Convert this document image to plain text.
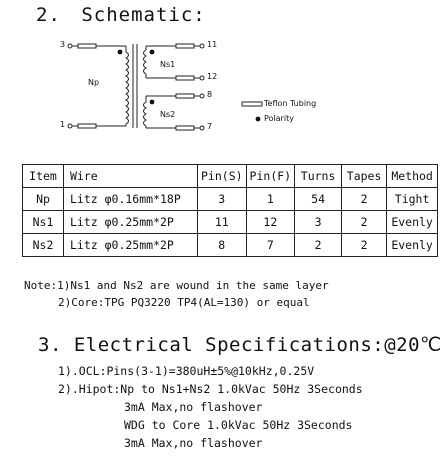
2. Schematic:
3
1
11
12
8
7
Np
Ns1
Ns2
Teflon Tubing
Polarity
Item	Wire	Pin(S)	Pin(F)	Turns	Tapes	Method
Np	Litz φ0.16mm*18P	3	1	54	2	Tight
Ns1	Litz φ0.25mm*2P	11	12	3	2	Evenly
Ns2	Litz φ0.25mm*2P	8	7	2	2	Evenly
Note:1)Ns1 and Ns2 are wound in the same layer
2)Core:TPG PQ3220 TP4(AL=130) or equal
3. Electrical Specifications:@20℃
1).OCL:Pins(3-1)=380uH±5%@10kHz,0.25V
2).Hipot:Np to Ns1+Ns2 1.0kVac 50Hz 3Seconds
3mA Max,no flashover
WDG to Core 1.0kVac 50Hz 3Seconds
3mA Max,no flashover
